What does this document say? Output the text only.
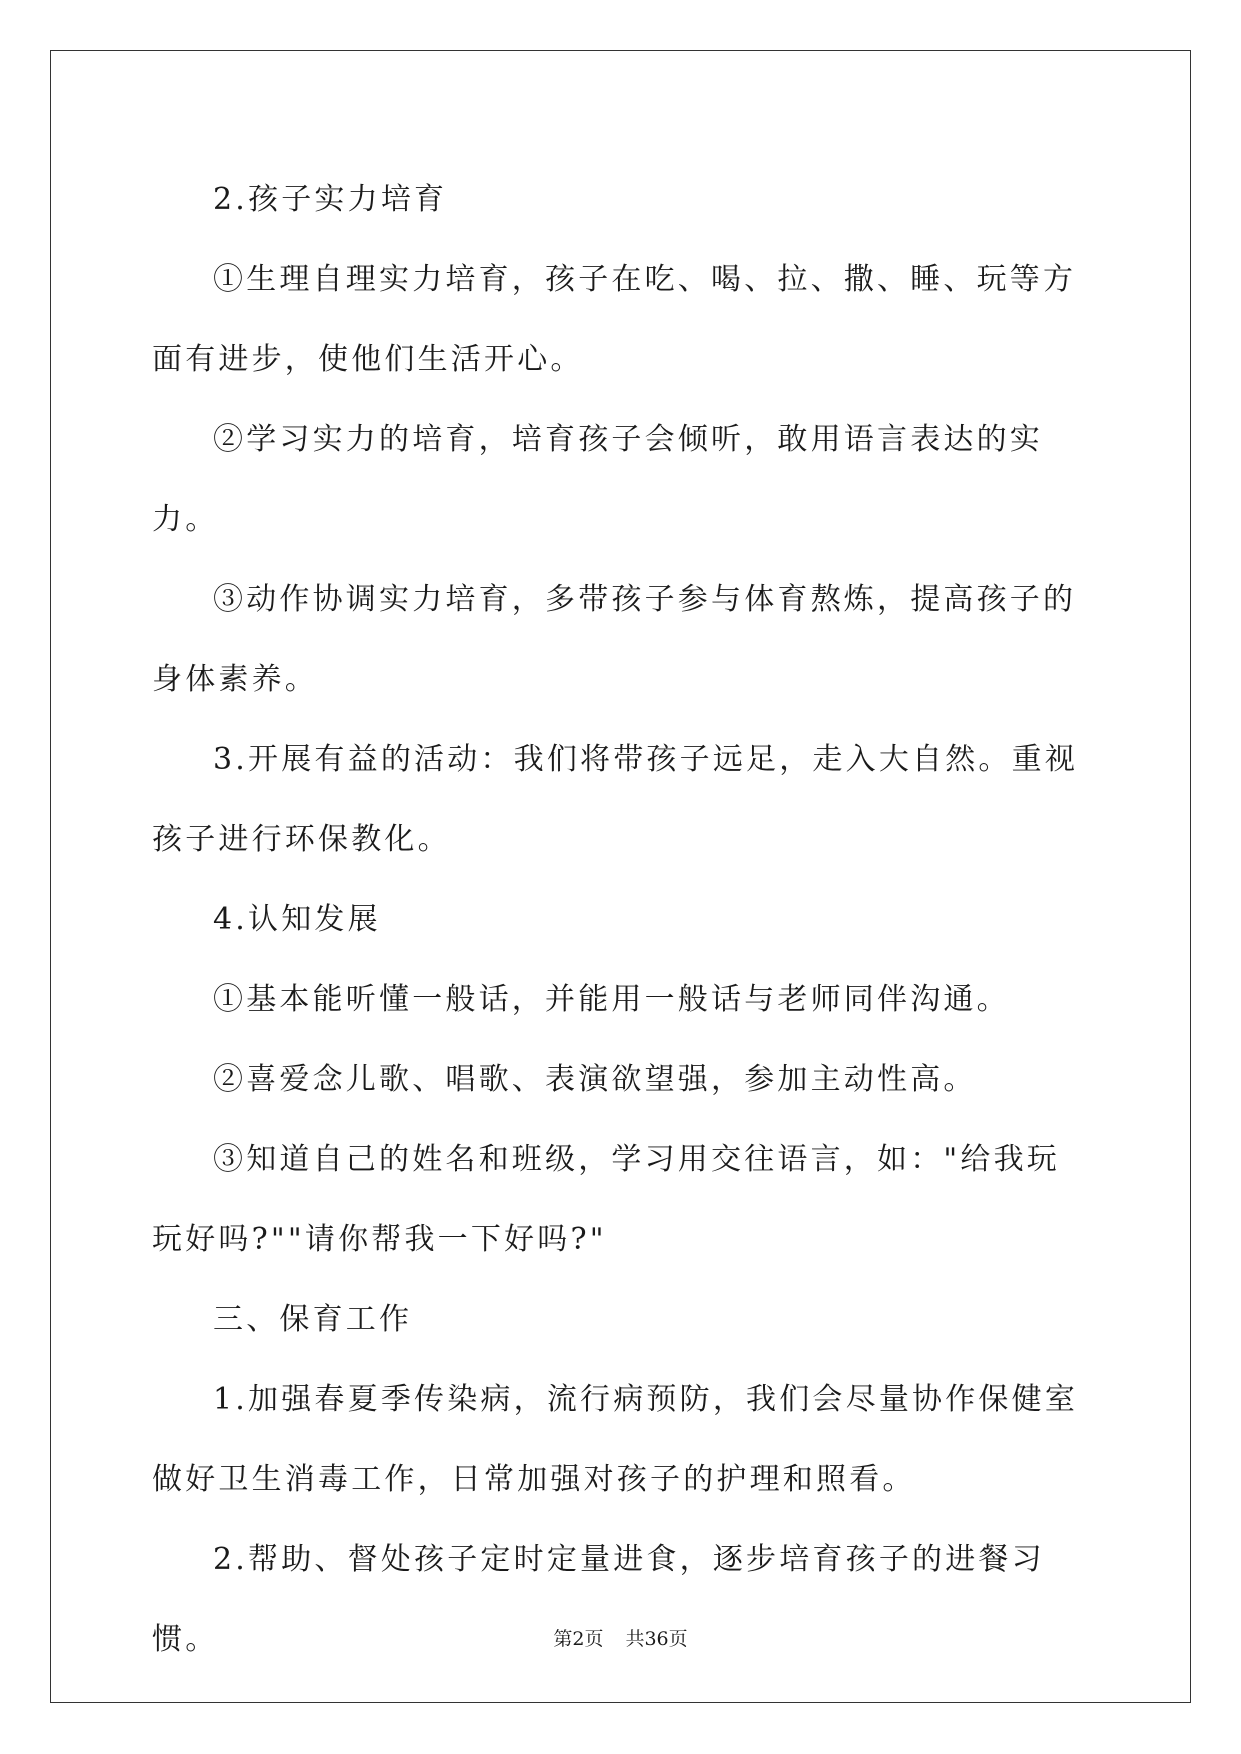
2.孩子实力培育

①生理自理实力培育，孩子在吃、喝、拉、撒、睡、玩等方面有进步，使他们生活开心。

②学习实力的培育，培育孩子会倾听，敢用语言表达的实力。

③动作协调实力培育，多带孩子参与体育熬炼，提高孩子的身体素养。

3.开展有益的活动：我们将带孩子远足，走入大自然。重视孩子进行环保教化。

4.认知发展

①基本能听懂一般话，并能用一般话与老师同伴沟通。

②喜爱念儿歌、唱歌、表演欲望强，参加主动性高。

③知道自己的姓名和班级，学习用交往语言，如："给我玩玩好吗?""请你帮我一下好吗?"

三、保育工作

1.加强春夏季传染病，流行病预防，我们会尽量协作保健室做好卫生消毒工作，日常加强对孩子的护理和照看。

2.帮助、督处孩子定时定量进食，逐步培育孩子的进餐习惯。	第2页 共36页
